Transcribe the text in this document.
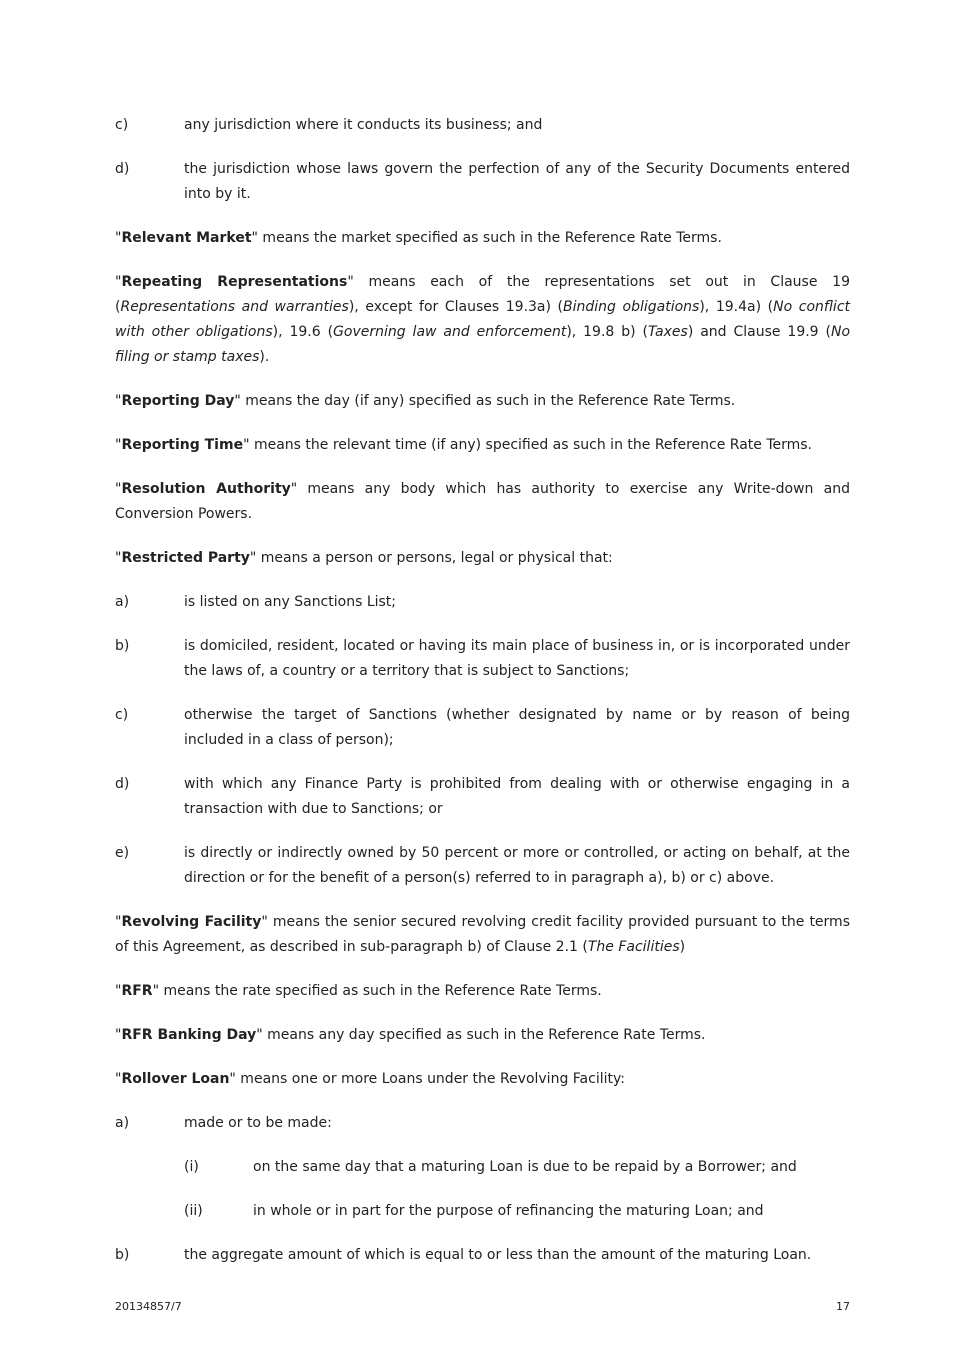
c)	any jurisdiction where it conducts its business; and
d)	the jurisdiction whose laws govern the perfection of any of the Security Documents entered into by it.

"Relevant Market" means the market specified as such in the Reference Rate Terms.

"Repeating Representations" means each of the representations set out in Clause 19 (Representations and warranties), except for Clauses 19.3a) (Binding obligations), 19.4a) (No conflict with other obligations), 19.6 (Governing law and enforcement), 19.8 b) (Taxes) and Clause 19.9 (No filing or stamp taxes).

"Reporting Day" means the day (if any) specified as such in the Reference Rate Terms.

"Reporting Time" means the relevant time (if any) specified as such in the Reference Rate Terms.

"Resolution Authority" means any body which has authority to exercise any Write-down and Conversion Powers.

"Restricted Party" means a person or persons, legal or physical that:

a)	is listed on any Sanctions List;
b)	is domiciled, resident, located or having its main place of business in, or is incorporated under the laws of, a country or a territory that is subject to Sanctions;
c)	otherwise the target of Sanctions (whether designated by name or by reason of being included in a class of person);
d)	with which any Finance Party is prohibited from dealing with or otherwise engaging in a transaction with due to Sanctions; or
e)	is directly or indirectly owned by 50 percent or more or controlled, or acting on behalf, at the direction or for the benefit of a person(s) referred to in paragraph a), b) or c) above.

"Revolving Facility" means the senior secured revolving credit facility provided pursuant to the terms of this Agreement, as described in sub-paragraph b) of Clause 2.1 (The Facilities)

"RFR" means the rate specified as such in the Reference Rate Terms.

"RFR Banking Day" means any day specified as such in the Reference Rate Terms.

"Rollover Loan" means one or more Loans under the Revolving Facility:

a)	made or to be made:
(i)	on the same day that a maturing Loan is due to be repaid by a Borrower; and
(ii)	in whole or in part for the purpose of refinancing the maturing Loan; and
b)	the aggregate amount of which is equal to or less than the amount of the maturing Loan.
20134857/7	17
